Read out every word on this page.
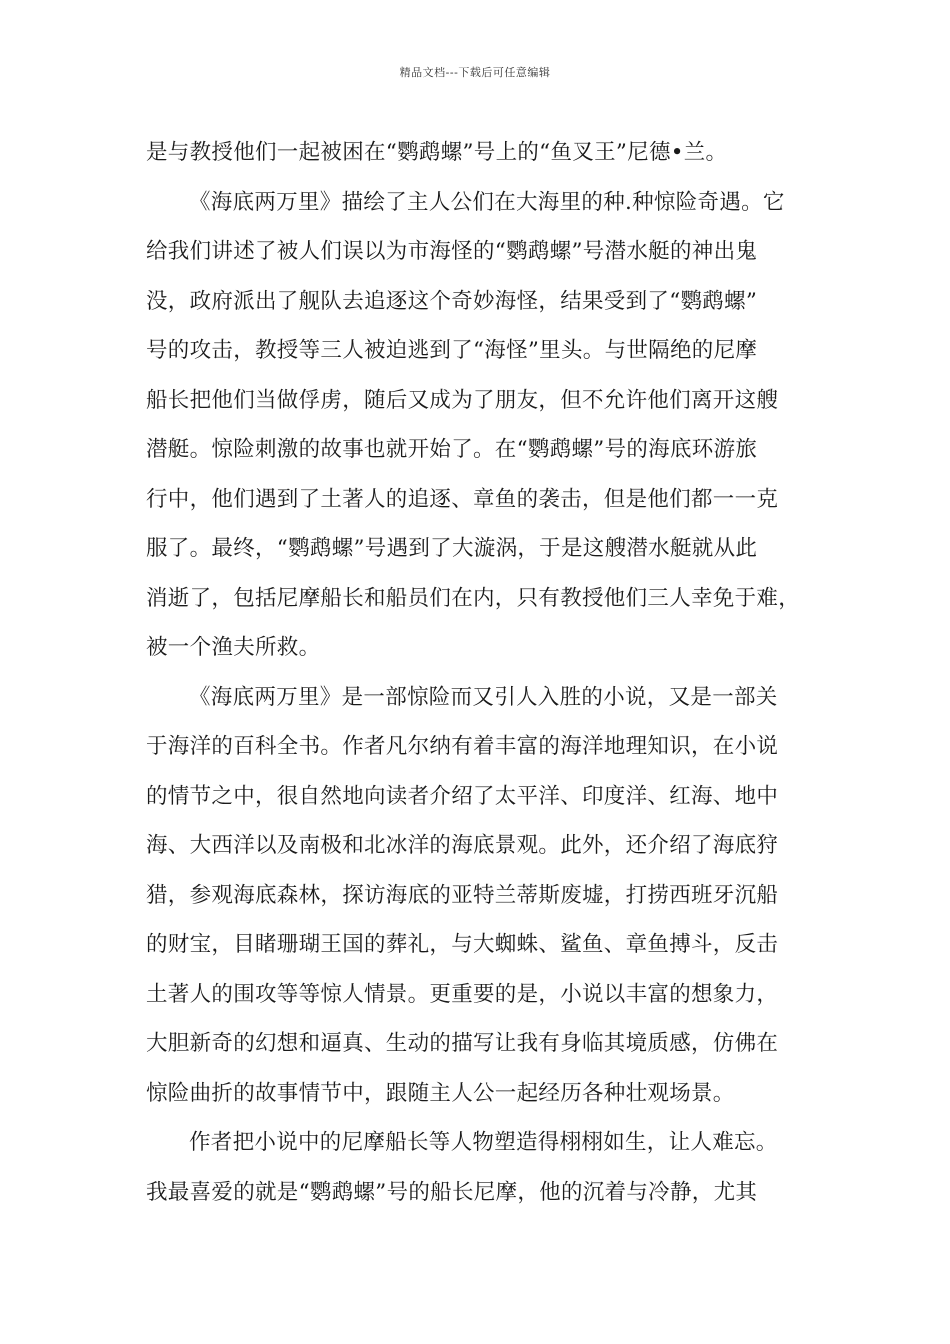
精品文档---下载后可任意编辑
是与教授他们一起被困在“鹦鹉螺”号上的“鱼叉王”尼德•兰。
《海底两万里》描绘了主人公们在大海里的种.种惊险奇遇。它
给我们讲述了被人们误以为市海怪的“鹦鹉螺”号潜水艇的神出鬼
没，政府派出了舰队去追逐这个奇妙海怪，结果受到了“鹦鹉螺”
号的攻击，教授等三人被迫逃到了“海怪”里头。与世隔绝的尼摩
船长把他们当做俘虏，随后又成为了朋友，但不允许他们离开这艘
潜艇。惊险刺激的故事也就开始了。在“鹦鹉螺”号的海底环游旅
行中，他们遇到了土著人的追逐、章鱼的袭击，但是他们都一一克
服了。最终，“鹦鹉螺”号遇到了大漩涡，于是这艘潜水艇就从此
消逝了，包括尼摩船长和船员们在内，只有教授他们三人幸免于难，
被一个渔夫所救。
《海底两万里》是一部惊险而又引人入胜的小说，又是一部关
于海洋的百科全书。作者凡尔纳有着丰富的海洋地理知识，在小说
的情节之中，很自然地向读者介绍了太平洋、印度洋、红海、地中
海、大西洋以及南极和北冰洋的海底景观。此外，还介绍了海底狩
猎，参观海底森林，探访海底的亚特兰蒂斯废墟，打捞西班牙沉船
的财宝，目睹珊瑚王国的葬礼，与大蜘蛛、鲨鱼、章鱼搏斗，反击
土著人的围攻等等惊人情景。更重要的是，小说以丰富的想象力，
大胆新奇的幻想和逼真、生动的描写让我有身临其境质感，仿佛在
惊险曲折的故事情节中，跟随主人公一起经历各种壮观场景。
作者把小说中的尼摩船长等人物塑造得栩栩如生，让人难忘。
我最喜爱的就是“鹦鹉螺”号的船长尼摩，他的沉着与冷静，尤其
